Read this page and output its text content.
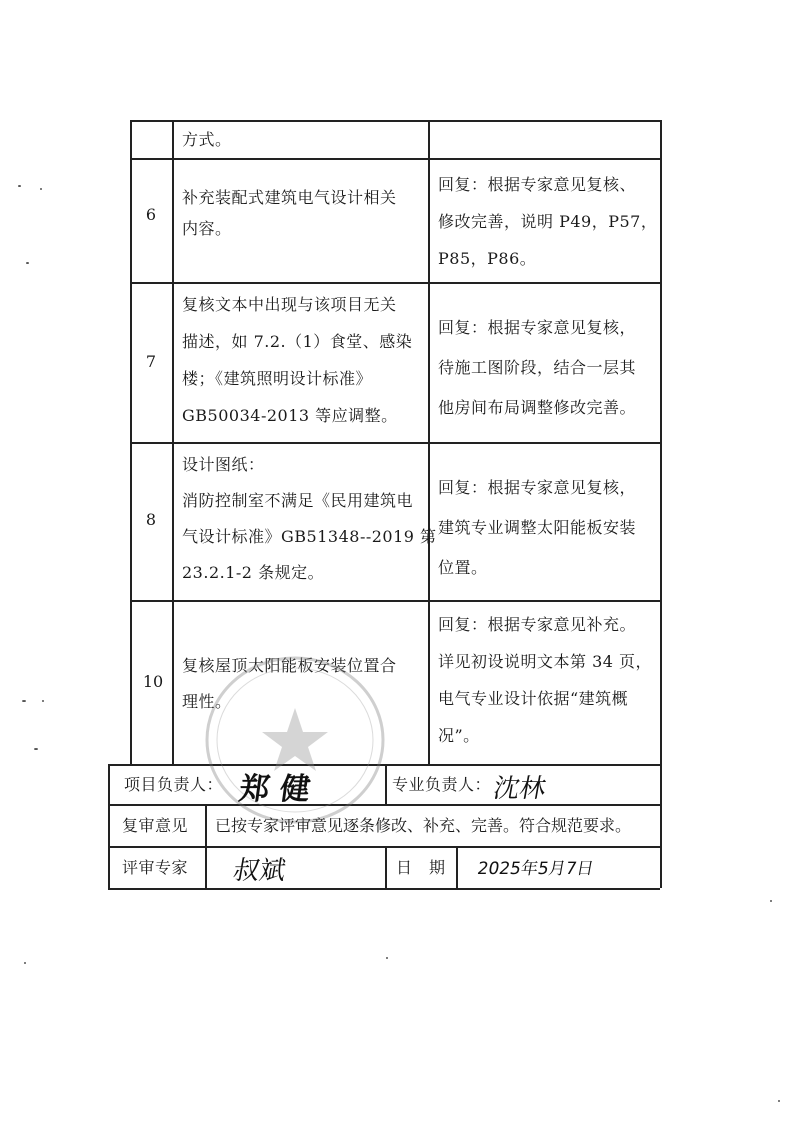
方式。
6
补充装配式建筑电气设计相关
内容。
回复：根据专家意见复核、
修改完善，说明 P49，P57，
P85，P86。
7
复核文本中出现与该项目无关
描述，如 7.2.（1）食堂、感染
楼；《建筑照明设计标准》
GB50034-2013 等应调整。
回复：根据专家意见复核，
待施工图阶段，结合一层其
他房间布局调整修改完善。
8
设计图纸：
消防控制室不满足《民用建筑电
气设计标准》GB51348--2019 第
23.2.1-2 条规定。
回复：根据专家意见复核，
建筑专业调整太阳能板安装
位置。
10
复核屋顶太阳能板安装位置合
理性。
回复：根据专家意见补充。
详见初设说明文本第 34 页，
电气专业设计依据“建筑概
况”。
项目负责人： 郑 健	专业负责人： 沈林
复审意见 已按专家评审意见逐条修改、补充、完善。符合规范要求。
评审专家 叔斌	日　期 2025年5月7日
